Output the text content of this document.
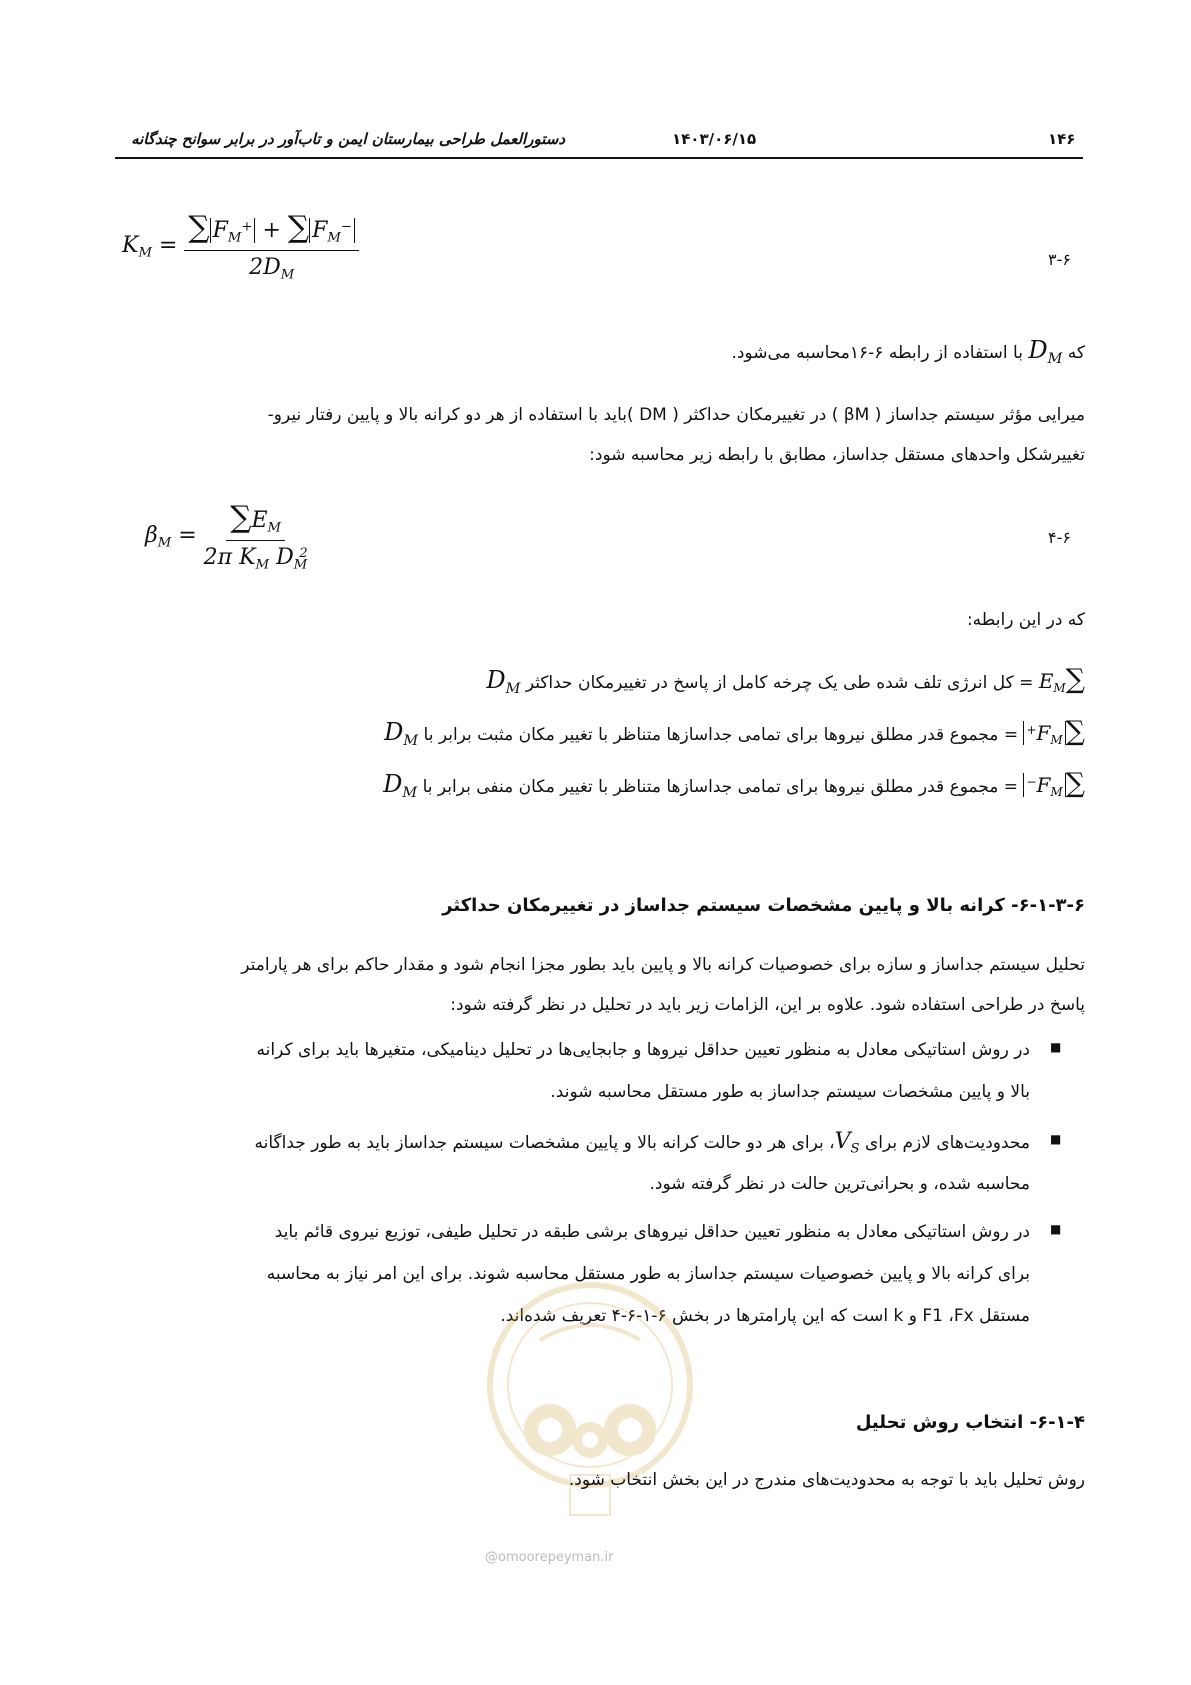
دستورالعمل طراحی بیمارستان ایمن و تاب‌آور در برابر سوانح چندگانه	۱۴۰۳/۰۶/۱۵	۱۴۶
$K_M = \frac{\sum F_M^+ + \sum F_M^-}{2D_M}$	۳-۶
که $D_M$ با استفاده از رابطه ۶-۱۶محاسبه می‌شود.
میرایی مؤثر سیستم جداساز ( βM ) در تغییرمکان حداکثر ( DM )باید با استفاده از هر دو کرانه بالا و پایین رفتار نیرو-
تغییرشکل واحدهای مستقل جداساز، مطابق با رابطه زیر محاسبه شود:
$\beta_M = \frac{\sum E_M}{2\pi K_M D_M^2}$	۴-۶
که در این رابطه:
$\sum E_M$ = کل انرژی تلف شده طی یک چرخه کامل از پاسخ در تغییرمکان حداکثر $D_M$
$\sum F_M^+$ = مجموع قدر مطلق نیروها برای تمامی جداسازها متناظر با تغییر مکان مثبت برابر با $D_M$
$\sum F_M^-$ = مجموع قدر مطلق نیروها برای تمامی جداسازها متناظر با تغییر مکان منفی برابر با $D_M$
۶-۱-۳-۶- کرانه بالا و پایین مشخصات سیستم جداساز در تغییرمکان حداکثر
تحلیل سیستم جداساز و سازه برای خصوصیات کرانه بالا و پایین باید بطور مجزا انجام شود و مقدار حاکم برای هر پارامتر
پاسخ در طراحی استفاده شود. علاوه بر این، الزامات زیر باید در تحلیل در نظر گرفته شود:
■
در روش استاتیکی معادل به منظور تعیین حداقل نیروها و جابجایی‌ها در تحلیل دینامیکی، متغیرها باید برای کرانه
بالا و پایین مشخصات سیستم جداساز به طور مستقل محاسبه شوند.
■
محدودیت‌های لازم برای $V_S،$ برای هر دو حالت کرانه بالا و پایین مشخصات سیستم جداساز باید به طور جداگانه
محاسبه شده، و بحرانی‌ترین حالت در نظر گرفته شود.
■
در روش استاتیکی معادل به منظور تعیین حداقل نیروهای برشی طبقه در تحلیل طیفی، توزیع نیروی قائم باید
برای کرانه بالا و پایین خصوصیات سیستم جداساز به طور مستقل محاسبه شوند. برای این امر نیاز به محاسبه
مستقل F1 ،Fx و k است که این پارامترها در بخش ۶-۱-۶-۴ تعریف شده‌اند.
@omoorepeyman.ir
۶-۱-۴- انتخاب روش تحلیل
روش تحلیل باید با توجه به محدودیت‌های مندرج در این بخش انتخاب شود.
